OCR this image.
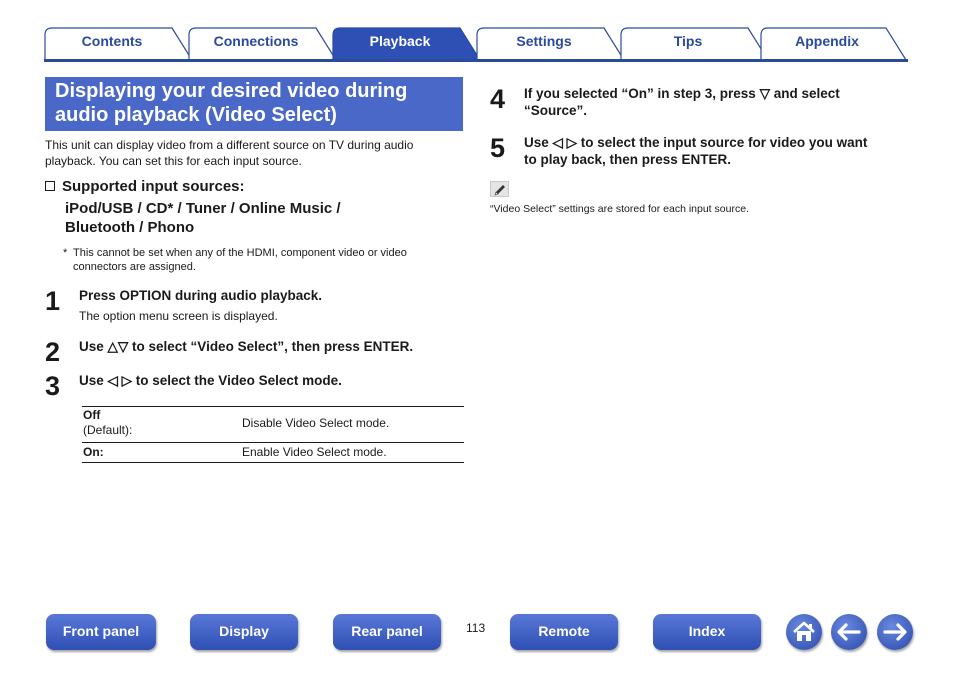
Contents	Connections	Playback	Settings	Tips	Appendix
Displaying your desired video during
audio playback (Video Select)
This unit can display video from a different source on TV during audio
playback. You can set this for each input source.
Supported input sources:
iPod/USB / CD* / Tuner / Online Music /
Bluetooth / Phono
* This cannot be set when any of the HDMI, component video or video
connectors are assigned.
1 Press OPTION during audio playback.
The option menu screen is displayed.
2 Use △▽ to select “Video Select”, then press ENTER.
3 Use ◁ ▷ to select the Video Select mode.
Off
(Default):	Disable Video Select mode.
On:	Enable Video Select mode.
4 If you selected “On” in step 3, press ▽ and select
“Source”.
5 Use ◁ ▷ to select the input source for video you want
to play back, then press ENTER.
“Video Select” settings are stored for each input source.
Front panel	Display	Rear panel	113	Remote	Index
